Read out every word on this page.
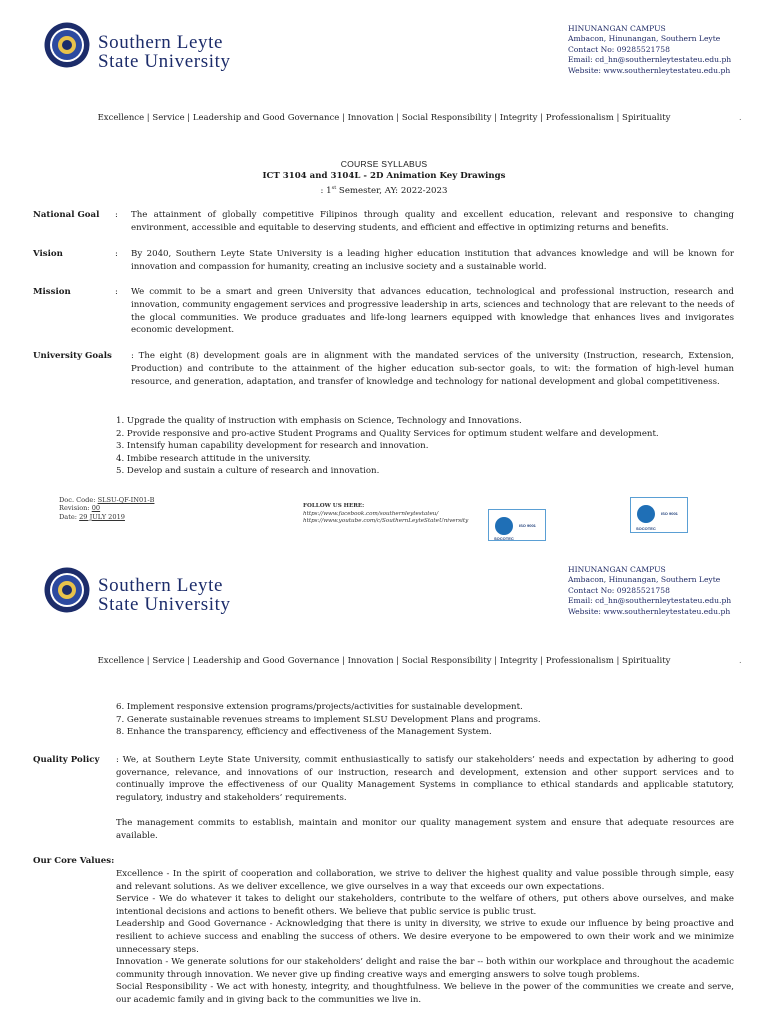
Southern Leyte
State University
HINUNANGAN CAMPUS
Ambacon, Hinunangan, Southern Leyte
Contact No: 09285521758
Email: cd_hn@southernleytestateu.edu.ph
Website: www.southernleytestateu.edu.ph
Excellence | Service | Leadership and Good Governance | Innovation | Social Responsibility | Integrity | Professionalism | Spirituality	.
COURSE SYLLABUS
ICT 3104 and 3104L - 2D Animation Key Drawings
: 1st Semester, AY: 2022-2023
National Goal : The attainment of globally competitive Filipinos through quality and excellent education, relevant and responsive to changing environment, accessible and equitable to deserving students, and efficient and effective in optimizing returns and benefits.
Vision	: By 2040, Southern Leyte State University is a leading higher education institution that advances knowledge and will be known for innovation and compassion for humanity, creating an inclusive society and a sustainable world.
Mission	: We commit to be a smart and green University that advances education, technological and professional instruction, research and innovation, community engagement services and progressive leadership in arts, sciences and technology that are relevant to the needs of the glocal communities. We produce graduates and life-long learners equipped with knowledge that enhances lives and invigorates economic development.
University Goals : The eight (8) development goals are in alignment with the mandated services of the university (Instruction, research, Extension, Production) and contribute to the attainment of the higher education sub-sector goals, to wit: the formation of high-level human resource, and generation, adaptation, and transfer of knowledge and technology for national development and global competitiveness.
1. Upgrade the quality of instruction with emphasis on Science, Technology and Innovations.
2. Provide responsive and pro-active Student Programs and Quality Services for optimum student welfare and development.
3. Intensify human capability development for research and innovation.
4. Imbibe research attitude in the university.
5. Develop and sustain a culture of research and innovation.
Doc. Code: SLSU-QF-IN01-B
Revision: 00
Date: 29 JULY 2019
FOLLOW US HERE:
https://www.facebook.com/southernleytestateu/
https://www.youtube.com/c/SouthernLeyteStateUniversity
SOCOTEC
ISO 9001
SOCOTEC
ISO 9001
Southern Leyte
State University
HINUNANGAN CAMPUS
Ambacon, Hinunangan, Southern Leyte
Contact No: 09285521758
Email: cd_hn@southernleytestateu.edu.ph
Website: www.southernleytestateu.edu.ph
Excellence | Service | Leadership and Good Governance | Innovation | Social Responsibility | Integrity | Professionalism | Spirituality	.
6. Implement responsive extension programs/projects/activities for sustainable development.
7. Generate sustainable revenues streams to implement SLSU Development Plans and programs.
8. Enhance the transparency, efficiency and effectiveness of the Management System.
Quality Policy : We, at Southern Leyte State University, commit enthusiastically to satisfy our stakeholders’ needs and expectation by adhering to good governance, relevance, and innovations of our instruction, research and development, extension and other support services and to continually improve the effectiveness of our Quality Management Systems in compliance to ethical standards and applicable statutory, regulatory, industry and stakeholders’ requirements.
The management commits to establish, maintain and monitor our quality management system and ensure that adequate resources are available.
Our Core Values:
Excellence - In the spirit of cooperation and collaboration, we strive to deliver the highest quality and value possible through simple, easy and relevant solutions. As we deliver excellence, we give ourselves in a way that exceeds our own expectations.
Service - We do whatever it takes to delight our stakeholders, contribute to the welfare of others, put others above ourselves, and make intentional decisions and actions to benefit others. We believe that public service is public trust.
Leadership and Good Governance - Acknowledging that there is unity in diversity, we strive to exude our influence by being proactive and resilient to achieve success and enabling the success of others. We desire everyone to be empowered to own their work and we minimize unnecessary steps.
Innovation - We generate solutions for our stakeholders’ delight and raise the bar -- both within our workplace and throughout the academic community through innovation. We never give up finding creative ways and emerging answers to solve tough problems.
Social Responsibility - We act with honesty, integrity, and thoughtfulness. We believe in the power of the communities we create and serve, our academic family and in giving back to the communities we live in.
